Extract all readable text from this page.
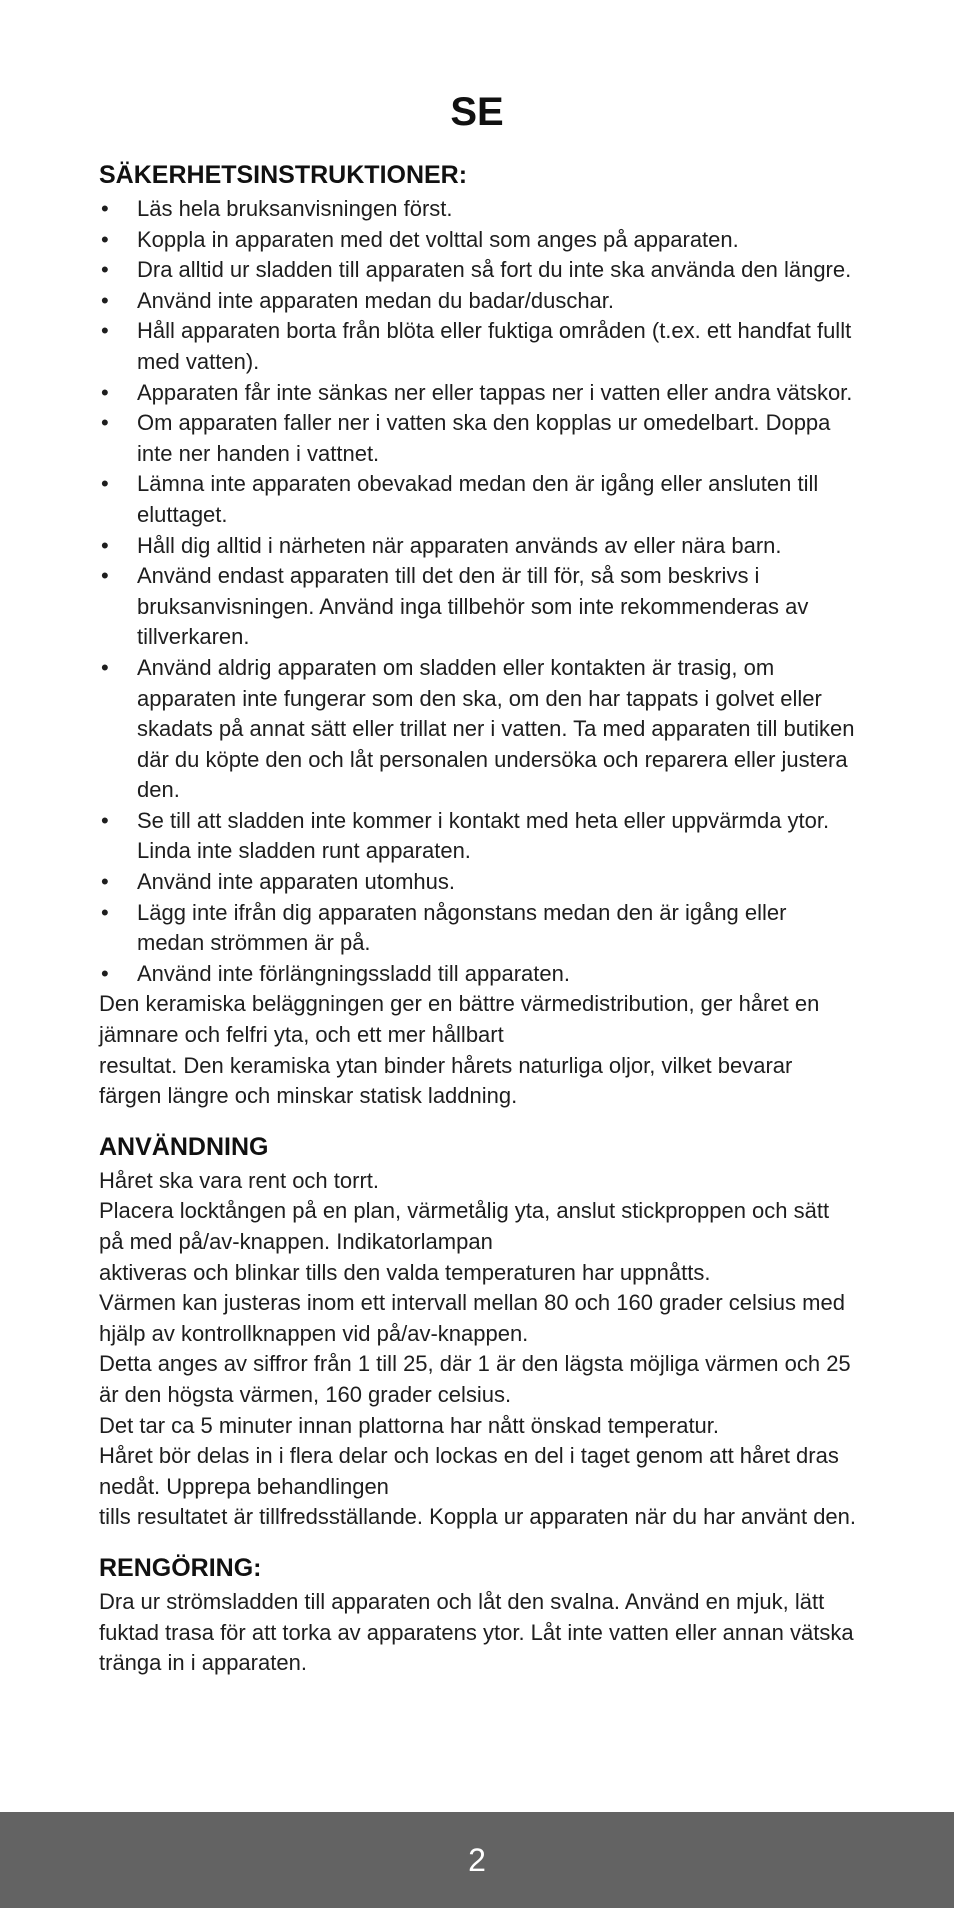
SE
SÄKERHETSINSTRUKTIONER:
• Läs hela bruksanvisningen först.
• Koppla in apparaten med det volttal som anges på apparaten.
• Dra alltid ur sladden till apparaten så fort du inte ska använda den längre.
• Använd inte apparaten medan du badar/duschar.
• Håll apparaten borta från blöta eller fuktiga områden (t.ex. ett handfat fullt med vatten).
• Apparaten får inte sänkas ner eller tappas ner i vatten eller andra vätskor.
• Om apparaten faller ner i vatten ska den kopplas ur omedelbart. Doppa inte ner handen i vattnet.
• Lämna inte apparaten obevakad medan den är igång eller ansluten till eluttaget.
• Håll dig alltid i närheten när apparaten används av eller nära barn.
• Använd endast apparaten till det den är till för, så som beskrivs i bruksanvisningen. Använd inga tillbehör som inte rekommenderas av tillverkaren.
• Använd aldrig apparaten om sladden eller kontakten är trasig, om apparaten inte fungerar som den ska, om den har tappats i golvet eller skadats på annat sätt eller trillat ner i vatten. Ta med apparaten till butiken där du köpte den och låt personalen undersöka och reparera eller justera den.
• Se till att sladden inte kommer i kontakt med heta eller uppvärmda ytor. Linda inte sladden runt apparaten.
• Använd inte apparaten utomhus.
• Lägg inte ifrån dig apparaten någonstans medan den är igång eller medan strömmen är på.
• Använd inte förlängningssladd till apparaten.

Den keramiska beläggningen ger en bättre värmedistribution, ger håret en jämnare och felfri yta, och ett mer hållbart

resultat. Den keramiska ytan binder hårets naturliga oljor, vilket bevarar färgen längre och minskar statisk laddning.

ANVÄNDNING

Håret ska vara rent och torrt.

Placera locktången på en plan, värmetålig yta, anslut stickproppen och sätt på med på/av-knappen. Indikatorlampan

aktiveras och blinkar tills den valda temperaturen har uppnåtts.

Värmen kan justeras inom ett intervall mellan 80 och 160 grader celsius med hjälp av kontrollknappen vid på/av-knappen.

Detta anges av siffror från 1 till 25, där 1 är den lägsta möjliga värmen och 25 är den högsta värmen, 160 grader celsius.

Det tar ca 5 minuter innan plattorna har nått önskad temperatur.

Håret bör delas in i flera delar och lockas en del i taget genom att håret dras nedåt. Upprepa behandlingen

tills resultatet är tillfredsställande. Koppla ur apparaten när du har använt den.

RENGÖRING:

Dra ur strömsladden till apparaten och låt den svalna. Använd en mjuk, lätt fuktad trasa för att torka av apparatens ytor. Låt inte vatten eller annan vätska tränga in i apparaten.

2
